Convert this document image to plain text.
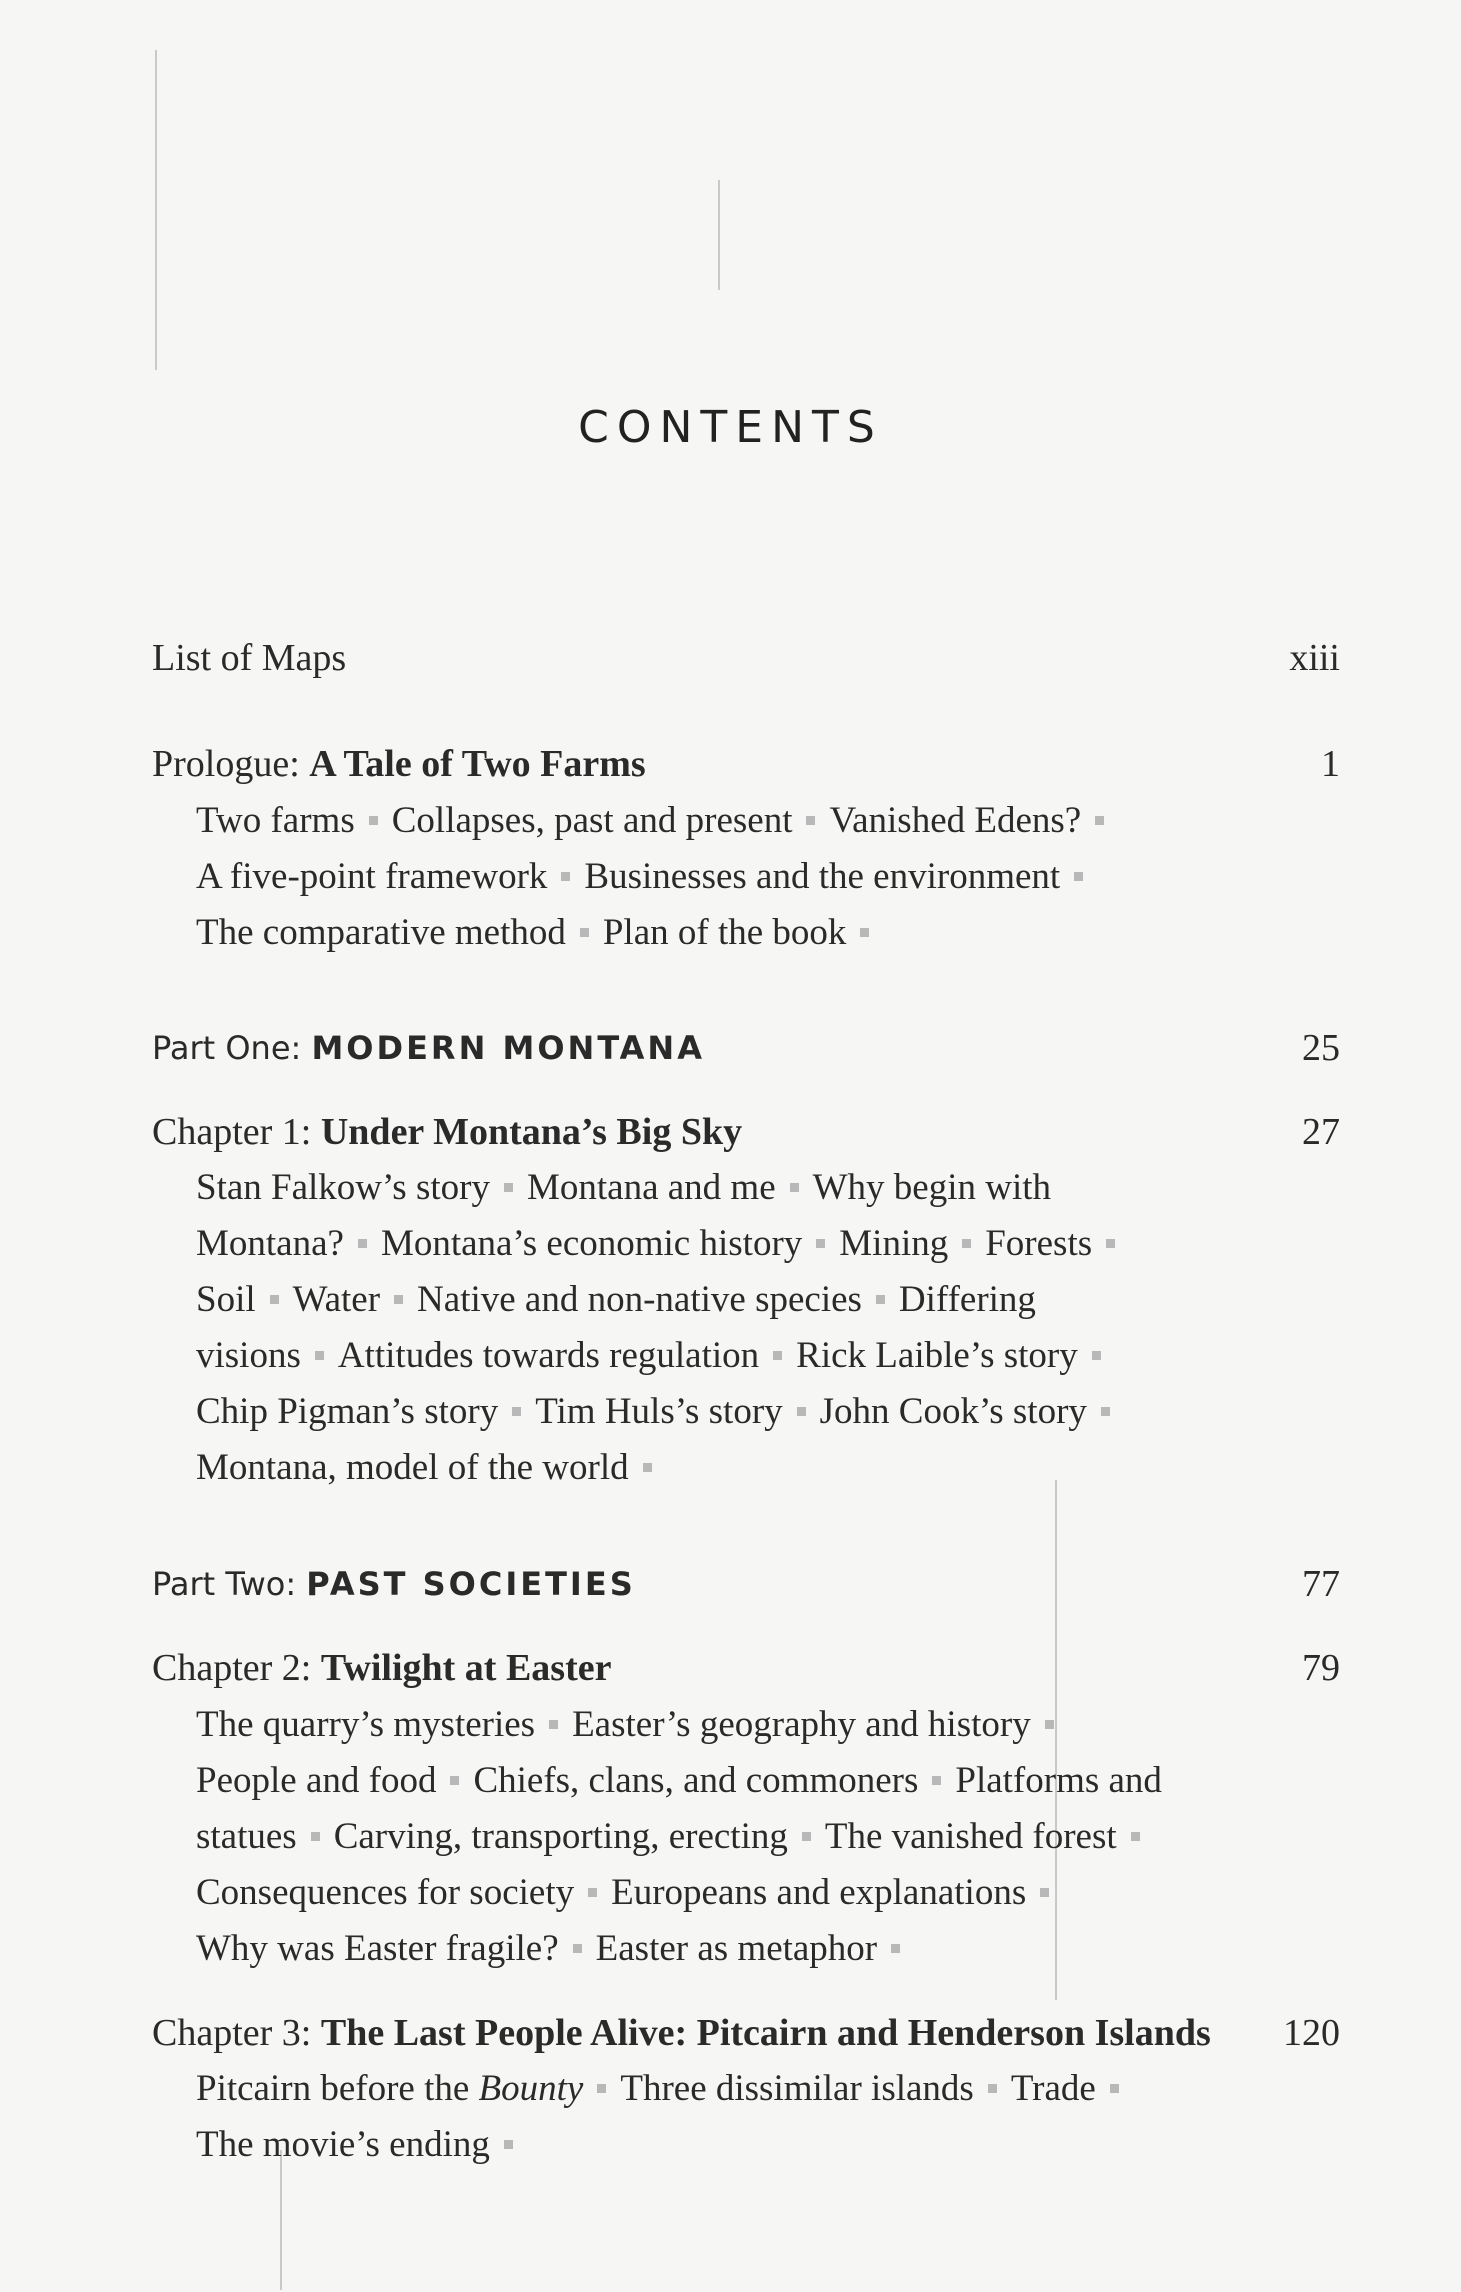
CONTENTS
List of Maps	xiii
Prologue: A Tale of Two Farms	1
Two farms Collapses, past and present Vanished Edens?
A five-point framework Businesses and the environment
The comparative method Plan of the book
Part One: MODERN MONTANA	25
Chapter 1: Under Montana’s Big Sky	27
Stan Falkow’s story Montana and me Why begin with
Montana? Montana’s economic history Mining Forests
Soil Water Native and non-native species Differing
visions Attitudes towards regulation Rick Laible’s story
Chip Pigman’s story Tim Huls’s story John Cook’s story
Montana, model of the world
Part Two: PAST SOCIETIES	77
Chapter 2: Twilight at Easter	79
The quarry’s mysteries Easter’s geography and history
People and food Chiefs, clans, and commoners Platforms and
statues Carving, transporting, erecting The vanished forest
Consequences for society Europeans and explanations
Why was Easter fragile? Easter as metaphor
Chapter 3: The Last People Alive: Pitcairn and Henderson Islands 120
Pitcairn before the Bounty Three dissimilar islands Trade
The movie’s ending
